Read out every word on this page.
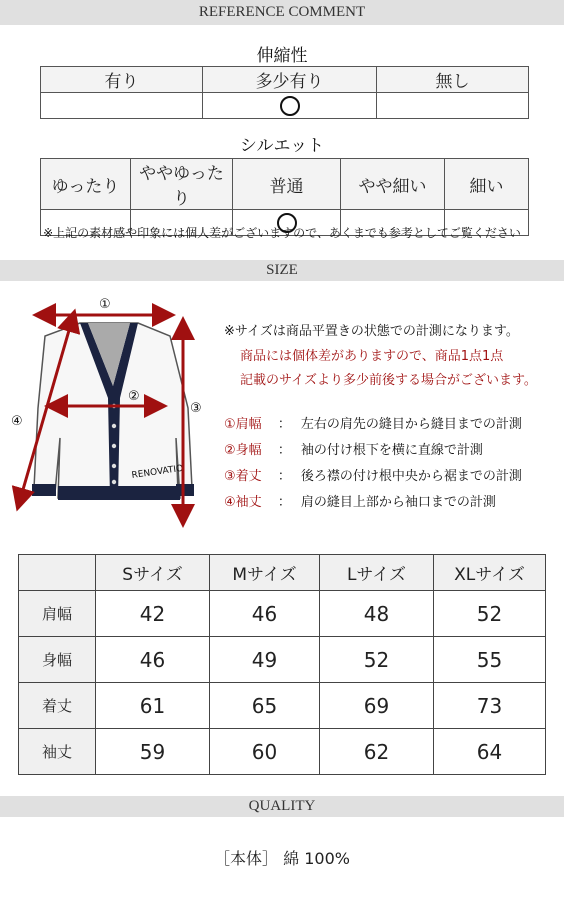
REFERENCE COMMENT
伸縮性
有り	多少有り	無し

シルエット
ゆったり	ややゆったり	普通	やや細い	細い

※上記の素材感や印象には個人差がございますので、あくまでも参考としてご覧ください
SIZE
RENOVATIO
①
②
③
④
※サイズは商品平置きの状態での計測になります。
商品には個体差がありますので、商品1点1点
記載のサイズより多少前後する場合がございます。
①肩幅 ： 左右の肩先の縫目から縫目までの計測
②身幅 ： 袖の付け根下を横に直線で計測
③着丈 ： 後ろ襟の付け根中央から裾までの計測
④袖丈 ： 肩の縫目上部から袖口までの計測
	Sサイズ	Mサイズ	Lサイズ	XLサイズ
肩幅	42	46	48	52
身幅	46	49	52	55
着丈	61	65	69	73
袖丈	59	60	62	64
QUALITY
［本体］ 綿 100%
